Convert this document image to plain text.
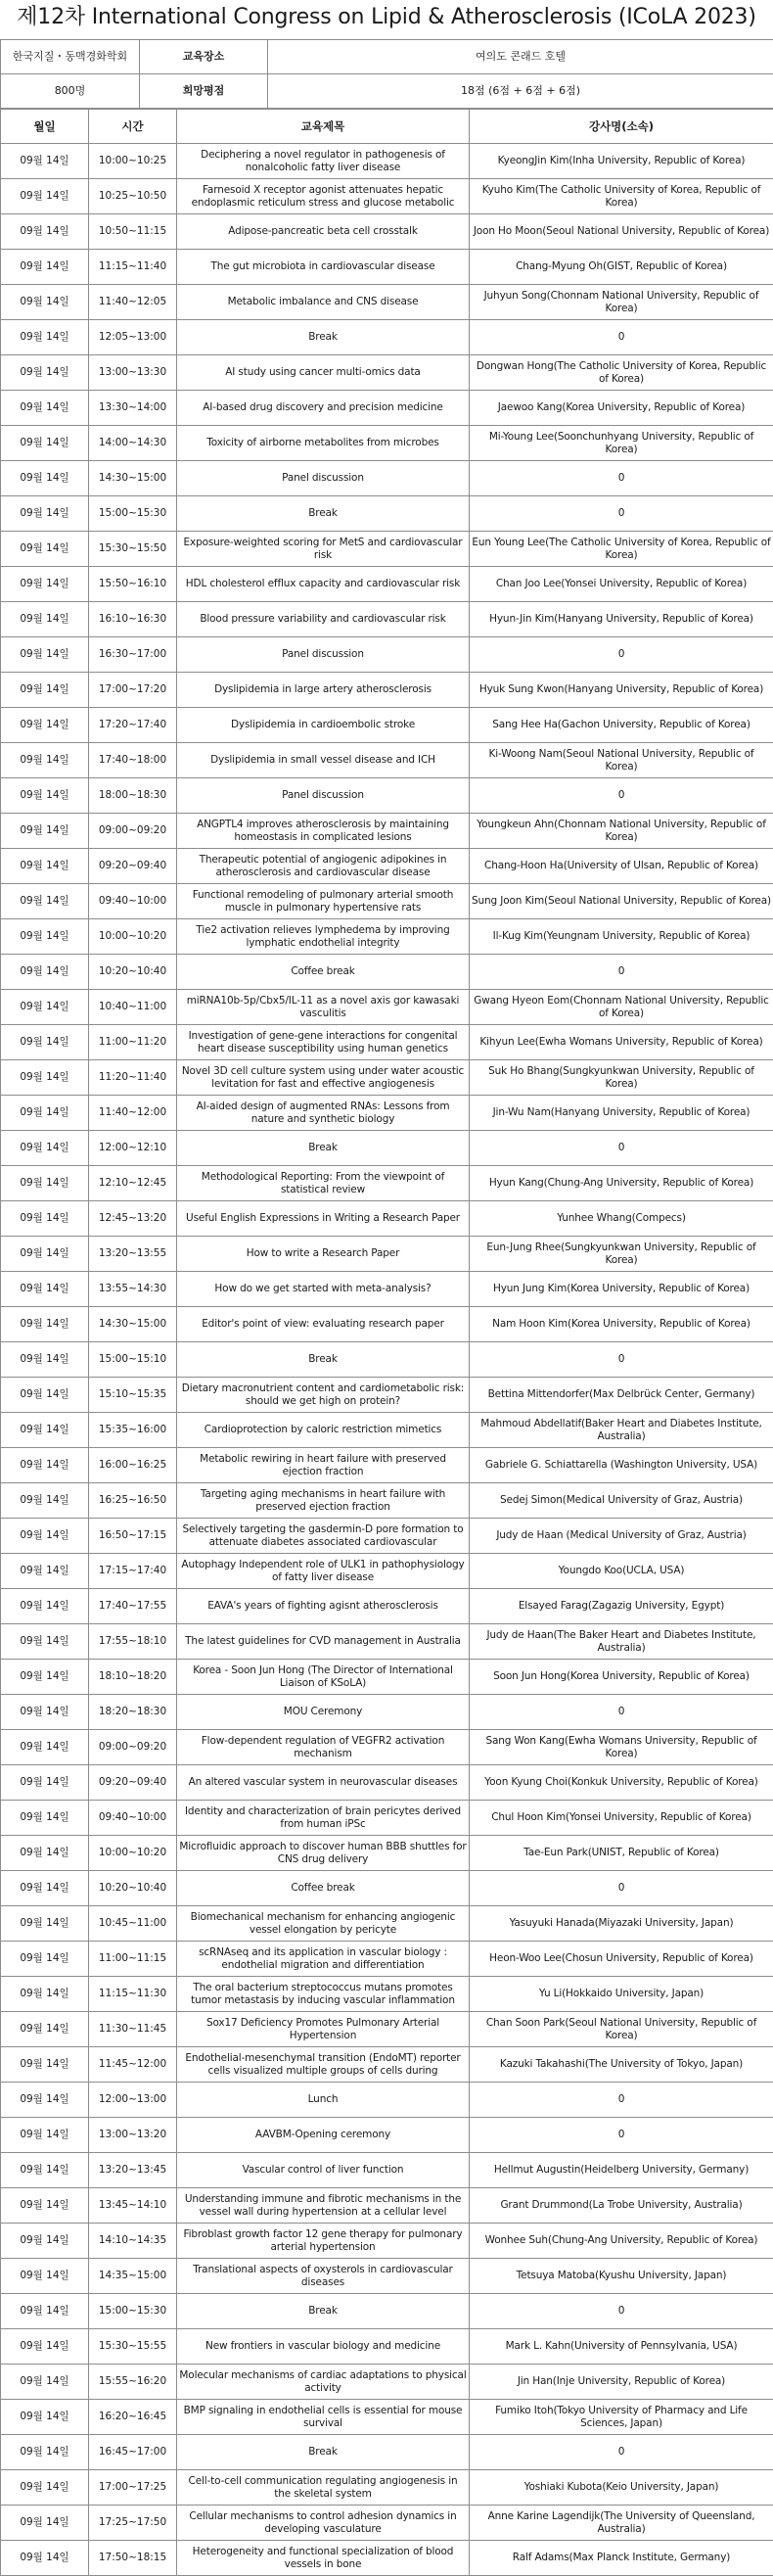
제12차 International Congress on Lipid & Atherosclerosis (ICoLA 2023)
한국지질・동맥경화학회	교육장소	여의도 콘래드 호텔
800명	희망평점	18점 (6점 + 6점 + 6점)
월일	시간	교육제목	강사명(소속)
09월 14일	10:00~10:25	Deciphering a novel regulator in pathogenesis of nonalcoholic fatty liver disease	KyeongJin Kim(Inha University, Republic of Korea)
09월 14일	10:25~10:50	Farnesoid X receptor agonist attenuates hepatic endoplasmic reticulum stress and glucose metabolic	Kyuho Kim(The Catholic University of Korea, Republic of Korea)
09월 14일	10:50~11:15	Adipose-pancreatic beta cell crosstalk	Joon Ho Moon(Seoul National University, Republic of Korea)
09월 14일	11:15~11:40	The gut microbiota in cardiovascular disease	Chang-Myung Oh(GIST, Republic of Korea)
09월 14일	11:40~12:05	Metabolic imbalance and CNS disease	Juhyun Song(Chonnam National University, Republic of Korea)
09월 14일	12:05~13:00	Break	0
09월 14일	13:00~13:30	AI study using cancer multi-omics data	Dongwan Hong(The Catholic University of Korea, Republic of Korea)
09월 14일	13:30~14:00	AI-based drug discovery and precision medicine	Jaewoo Kang(Korea University, Republic of Korea)
09월 14일	14:00~14:30	Toxicity of airborne metabolites from microbes	Mi-Young Lee(Soonchunhyang University, Republic of Korea)
09월 14일	14:30~15:00	Panel discussion	0
09월 14일	15:00~15:30	Break	0
09월 14일	15:30~15:50	Exposure-weighted scoring for MetS and cardiovascular risk	Eun Young Lee(The Catholic University of Korea, Republic of Korea)
09월 14일	15:50~16:10	HDL cholesterol efflux capacity and cardiovascular risk	Chan Joo Lee(Yonsei University, Republic of Korea)
09월 14일	16:10~16:30	Blood pressure variability and cardiovascular risk	Hyun-Jin Kim(Hanyang University, Republic of Korea)
09월 14일	16:30~17:00	Panel discussion	0
09월 14일	17:00~17:20	Dyslipidemia in large artery atherosclerosis	Hyuk Sung Kwon(Hanyang University, Republic of Korea)
09월 14일	17:20~17:40	Dyslipidemia in cardioembolic stroke	Sang Hee Ha(Gachon University, Republic of Korea)
09월 14일	17:40~18:00	Dyslipidemia in small vessel disease and ICH	Ki-Woong Nam(Seoul National University, Republic of Korea)
09월 14일	18:00~18:30	Panel discussion	0
09월 14일	09:00~09:20	ANGPTL4 improves atherosclerosis by maintaining homeostasis in complicated lesions	Youngkeun Ahn(Chonnam National University, Republic of Korea)
09월 14일	09:20~09:40	Therapeutic potential of angiogenic adipokines in atherosclerosis and cardiovascular disease	Chang-Hoon Ha(University of Ulsan, Republic of Korea)
09월 14일	09:40~10:00	Functional remodeling of pulmonary arterial smooth muscle in pulmonary hypertensive rats	Sung Joon Kim(Seoul National University, Republic of Korea)
09월 14일	10:00~10:20	Tie2 activation relieves lymphedema by improving lymphatic endothelial integrity	Il-Kug Kim(Yeungnam University, Republic of Korea)
09월 14일	10:20~10:40	Coffee break	0
09월 14일	10:40~11:00	miRNA10b-5p/Cbx5/IL-11 as a novel axis gor kawasaki vasculitis	Gwang Hyeon Eom(Chonnam National University, Republic of Korea)
09월 14일	11:00~11:20	Investigation of gene-gene interactions for congenital heart disease susceptibility using human genetics	Kihyun Lee(Ewha Womans University, Republic of Korea)
09월 14일	11:20~11:40	Novel 3D cell culture system using under water acoustic levitation for fast and effective angiogenesis	Suk Ho Bhang(Sungkyunkwan University, Republic of Korea)
09월 14일	11:40~12:00	AI-aided design of augmented RNAs: Lessons from nature and synthetic biology	Jin-Wu Nam(Hanyang University, Republic of Korea)
09월 14일	12:00~12:10	Break	0
09월 14일	12:10~12:45	Methodological Reporting: From the viewpoint of statistical review	Hyun Kang(Chung-Ang University, Republic of Korea)
09월 14일	12:45~13:20	Useful English Expressions in Writing a Research Paper	Yunhee Whang(Compecs)
09월 14일	13:20~13:55	How to write a Research Paper	Eun-Jung Rhee(Sungkyunkwan University, Republic of Korea)
09월 14일	13:55~14:30	How do we get started with meta-analysis?	Hyun Jung Kim(Korea University, Republic of Korea)
09월 14일	14:30~15:00	Editor's point of view: evaluating research paper	Nam Hoon Kim(Korea University, Republic of Korea)
09월 14일	15:00~15:10	Break	0
09월 14일	15:10~15:35	Dietary macronutrient content and cardiometabolic risk: should we get high on protein?	Bettina Mittendorfer(Max Delbrück Center, Germany)
09월 14일	15:35~16:00	Cardioprotection by caloric restriction mimetics	Mahmoud Abdellatif(Baker Heart and Diabetes Institute, Australia)
09월 14일	16:00~16:25	Metabolic rewiring in heart failure with preserved ejection fraction	Gabriele G. Schiattarella (Washington University, USA)
09월 14일	16:25~16:50	Targeting aging mechanisms in heart failure with preserved ejection fraction	Sedej Simon(Medical University of Graz, Austria)
09월 14일	16:50~17:15	Selectively targeting the gasdermin-D pore formation to attenuate diabetes associated cardiovascular	Judy de Haan (Medical University of Graz, Austria)
09월 14일	17:15~17:40	Autophagy Independent role of ULK1 in pathophysiology of fatty liver disease	Youngdo Koo(UCLA, USA)
09월 14일	17:40~17:55	EAVA's years of fighting agisnt atherosclerosis	Elsayed Farag(Zagazig University, Egypt)
09월 14일	17:55~18:10	The latest guidelines for CVD management in Australia	Judy de Haan(The Baker Heart and Diabetes Institute, Australia)
09월 14일	18:10~18:20	Korea - Soon Jun Hong (The Director of International Liaison of KSoLA)	Soon Jun Hong(Korea University, Republic of Korea)
09월 14일	18:20~18:30	MOU Ceremony	0
09월 14일	09:00~09:20	Flow-dependent regulation of VEGFR2 activation mechanism	Sang Won Kang(Ewha Womans University, Republic of Korea)
09월 14일	09:20~09:40	An altered vascular system in neurovascular diseases	Yoon Kyung Choi(Konkuk University, Republic of Korea)
09월 14일	09:40~10:00	Identity and characterization of brain pericytes derived from human iPSc	Chul Hoon Kim(Yonsei University, Republic of Korea)
09월 14일	10:00~10:20	Microfluidic approach to discover human BBB shuttles for CNS drug delivery	Tae-Eun Park(UNIST, Republic of Korea)
09월 14일	10:20~10:40	Coffee break	0
09월 14일	10:45~11:00	Biomechanical mechanism for enhancing angiogenic vessel elongation by pericyte	Yasuyuki Hanada(Miyazaki University, Japan)
09월 14일	11:00~11:15	scRNAseq and its application in vascular biology : endothelial migration and differentiation	Heon-Woo Lee(Chosun University, Republic of Korea)
09월 14일	11:15~11:30	The oral bacterium streptococcus mutans promotes tumor metastasis by inducing vascular inflammation	Yu Li(Hokkaido University, Japan)
09월 14일	11:30~11:45	Sox17 Deficiency Promotes Pulmonary Arterial Hypertension	Chan Soon Park(Seoul National University, Republic of Korea)
09월 14일	11:45~12:00	Endothelial-mesenchymal transition (EndoMT) reporter cells visualized multiple groups of cells during	Kazuki Takahashi(The University of Tokyo, Japan)
09월 14일	12:00~13:00	Lunch	0
09월 14일	13:00~13:20	AAVBM-Opening ceremony	0
09월 14일	13:20~13:45	Vascular control of liver function	Hellmut Augustin(Heidelberg University, Germany)
09월 14일	13:45~14:10	Understanding immune and fibrotic mechanisms in the vessel wall during hypertension at a cellular level	Grant Drummond(La Trobe University, Australia)
09월 14일	14:10~14:35	Fibroblast growth factor 12 gene therapy for pulmonary arterial hypertension	Wonhee Suh(Chung-Ang University, Republic of Korea)
09월 14일	14:35~15:00	Translational aspects of oxysterols in cardiovascular diseases	Tetsuya Matoba(Kyushu University, Japan)
09월 14일	15:00~15:30	Break	0
09월 14일	15:30~15:55	New frontiers in vascular biology and medicine	Mark L. Kahn(University of Pennsylvania, USA)
09월 14일	15:55~16:20	Molecular mechanisms of cardiac adaptations to physical activity	Jin Han(Inje University, Republic of Korea)
09월 14일	16:20~16:45	BMP signaling in endothelial cells is essential for mouse survival	Fumiko Itoh(Tokyo University of Pharmacy and Life Sciences, Japan)
09월 14일	16:45~17:00	Break	0
09월 14일	17:00~17:25	Cell-to-cell communication regulating angiogenesis in the skeletal system	Yoshiaki Kubota(Keio University, Japan)
09월 14일	17:25~17:50	Cellular mechanisms to control adhesion dynamics in developing vasculature	Anne Karine Lagendijk(The University of Queensland, Australia)
09월 14일	17:50~18:15	Heterogeneity and functional specialization of blood vessels in bone	Ralf Adams(Max Planck Institute, Germany)
